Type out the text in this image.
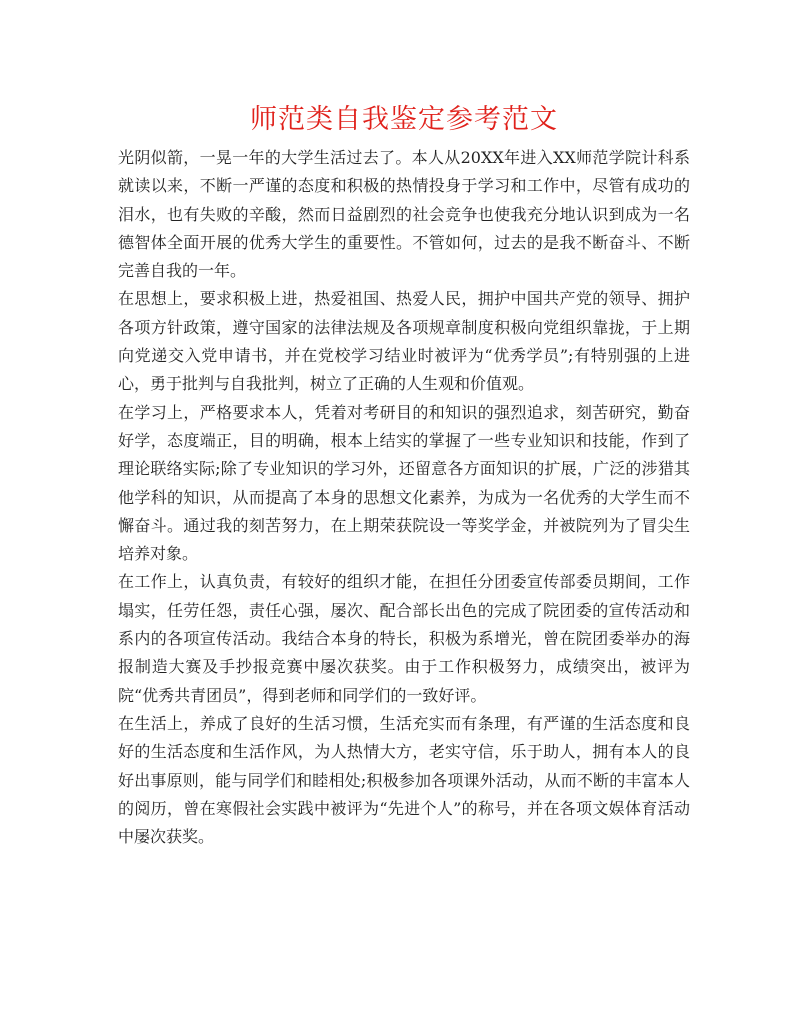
师范类自我鉴定参考范文

光阴似箭，一晃一年的大学生活过去了。本人从20XX年进入XX师范学院计科系就读以来，不断一严谨的态度和积极的热情投身于学习和工作中，尽管有成功的泪水，也有失败的辛酸，然而日益剧烈的社会竞争也使我充分地认识到成为一名德智体全面开展的优秀大学生的重要性。不管如何，过去的是我不断奋斗、不断完善自我的一年。

在思想上，要求积极上进，热爱祖国、热爱人民，拥护中国共产党的领导、拥护各项方针政策，遵守国家的法律法规及各项规章制度积极向党组织靠拢，于上期向党递交入党申请书，并在党校学习结业时被评为“优秀学员”;有特别强的上进心，勇于批判与自我批判，树立了正确的人生观和价值观。

在学习上，严格要求本人，凭着对考研目的和知识的强烈追求，刻苦研究，勤奋好学，态度端正，目的明确，根本上结实的掌握了一些专业知识和技能，作到了理论联络实际;除了专业知识的学习外，还留意各方面知识的扩展，广泛的涉猎其他学科的知识，从而提高了本身的思想文化素养，为成为一名优秀的大学生而不懈奋斗。通过我的刻苦努力，在上期荣获院设一等奖学金，并被院列为了冒尖生培养对象。

在工作上，认真负责，有较好的组织才能，在担任分团委宣传部委员期间，工作塌实，任劳任怨，责任心强，屡次、配合部长出色的完成了院团委的宣传活动和系内的各项宣传活动。我结合本身的特长，积极为系增光，曾在院团委举办的海报制造大赛及手抄报竞赛中屡次获奖。由于工作积极努力，成绩突出，被评为院“优秀共青团员”，得到老师和同学们的一致好评。

在生活上，养成了良好的生活习惯，生活充实而有条理，有严谨的生活态度和良好的生活态度和生活作风，为人热情大方，老实守信，乐于助人，拥有本人的良好出事原则，能与同学们和睦相处;积极参加各项课外活动，从而不断的丰富本人的阅历，曾在寒假社会实践中被评为“先进个人”的称号，并在各项文娱体育活动中屡次获奖。
